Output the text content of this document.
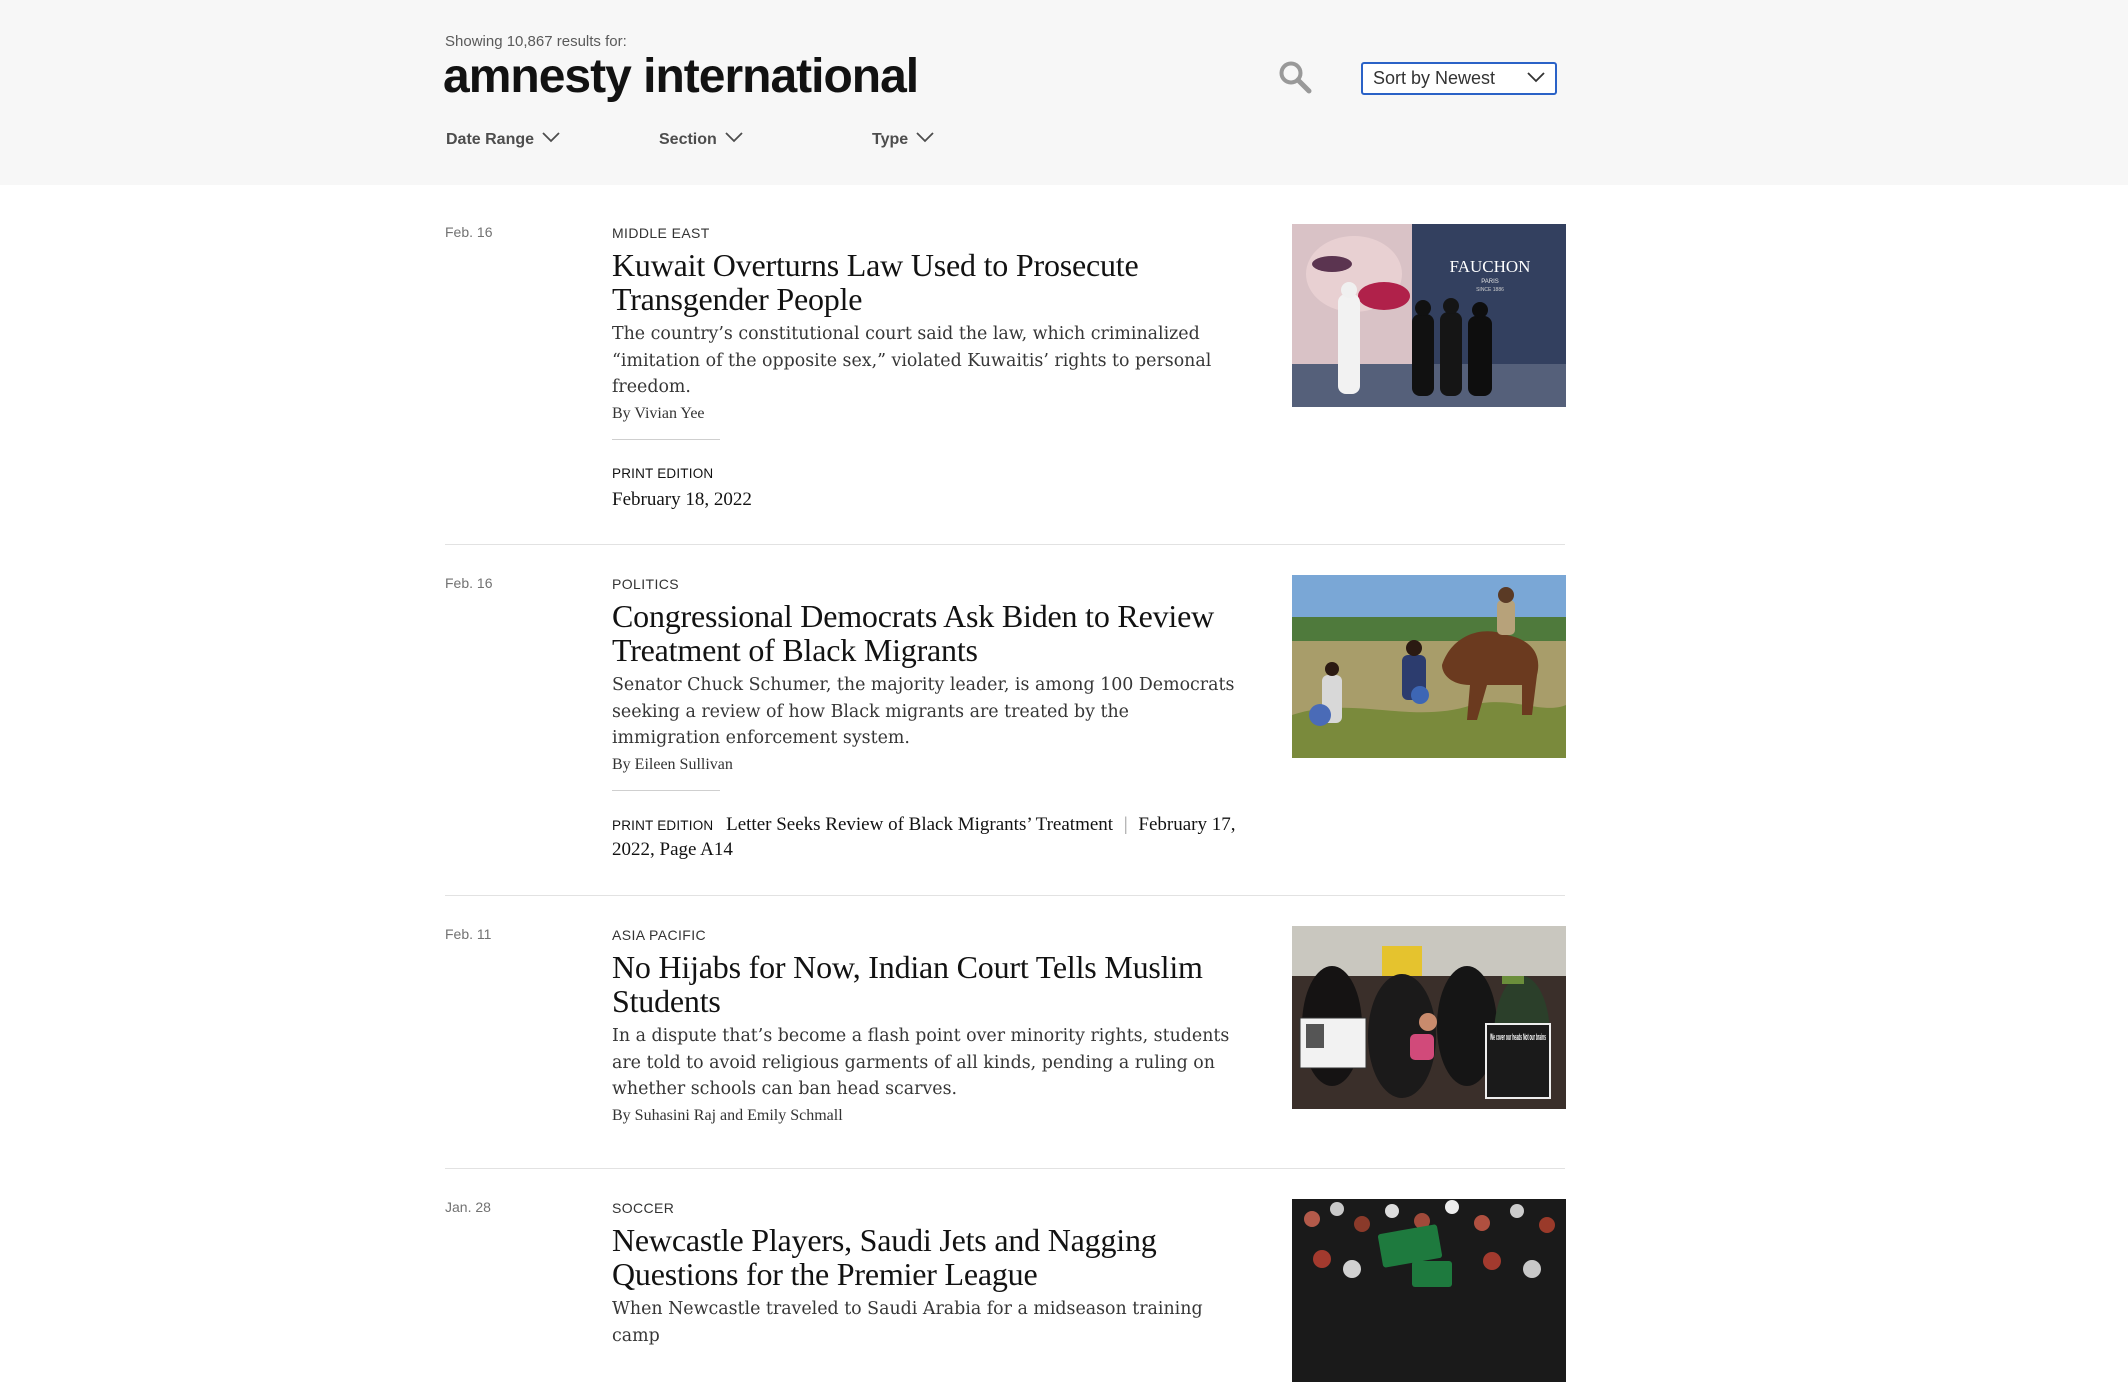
Showing 10,867 results for:
amnesty international	Sort by Newest
Date Range	Section	Type
Feb. 16	MIDDLE EAST
Kuwait Overturns Law Used to Prosecute Transgender People

The country’s constitutional court said the law, which criminalized “imitation of the opposite sex,” violated Kuwaitis’ rights to personal freedom.

By Vivian Yee

PRINT EDITION
February 18, 2022
FAUCHON
PARIS
SINCE 1886
Feb. 16	POLITICS
Congressional Democrats Ask Biden to Review Treatment of Black Migrants

Senator Chuck Schumer, the majority leader, is among 100 Democrats seeking a review of how Black migrants are treated by the immigration enforcement system.

By Eileen Sullivan

PRINT EDITION Letter Seeks Review of Black Migrants’ Treatment | February 17, 2022, Page A14
Feb. 11	ASIA PACIFIC
No Hijabs for Now, Indian Court Tells Muslim Students

In a dispute that’s become a flash point over minority rights, students are told to avoid religious garments of all kinds, pending a ruling on whether schools can ban head scarves.

By Suhasini Raj and Emily Schmall

We cover our heads Not our brains
Jan. 28	SOCCER
Newcastle Players, Saudi Jets and Nagging Questions for the Premier League

When Newcastle traveled to Saudi Arabia for a midseason training camp
